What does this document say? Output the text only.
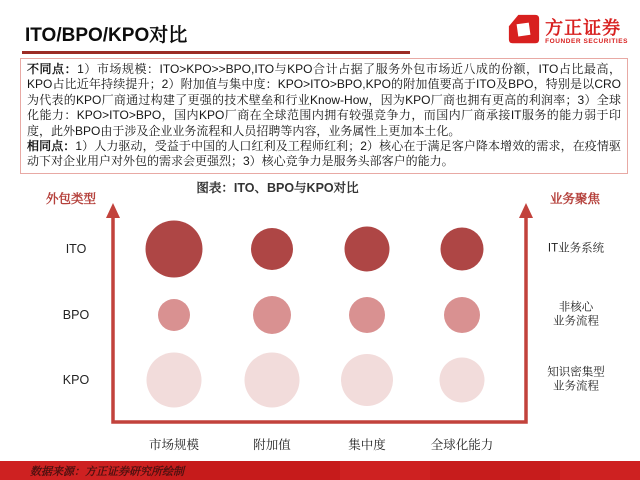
ITO/BPO/KPO对比	方正证券
FOUNDER SECURITIES
不同点：1）市场规模：ITO>KPO>>BPO,ITO与KPO合计占据了服务外包市场近八成的份额，ITO占比最高，KPO占比近年持续提升；2）附加值与集中度：KPO>ITO>BPO,KPO的附加值要高于ITO及BPO，特别是以CRO为代表的KPO厂商通过构建了更强的技术壁垒和行业Know-How，因为KPO厂商也拥有更高的利润率；3）全球化能力：KPO>ITO>BPO，国内KPO厂商在全球范围内拥有较强竞争力，而国内厂商承接IT服务的能力弱于印度，此外BPO由于涉及企业业务流程和人员招聘等内容，业务属性上更加本土化。
相同点：1）人力驱动，受益于中国的人口红利及工程师红利；2）核心在于满足客户降本增效的需求，在疫情驱动下对企业用户对外包的需求会更强烈；3）核心竞争力是服务头部客户的能力。
图表：ITO、BPO与KPO对比
外包类型	业务聚焦
ITO
BPO
KPO
市场规模	附加值	集中度	全球化能力
IT业务系统
非核心
业务流程
知识密集型
业务流程
数据来源：方正证券研究所绘制
